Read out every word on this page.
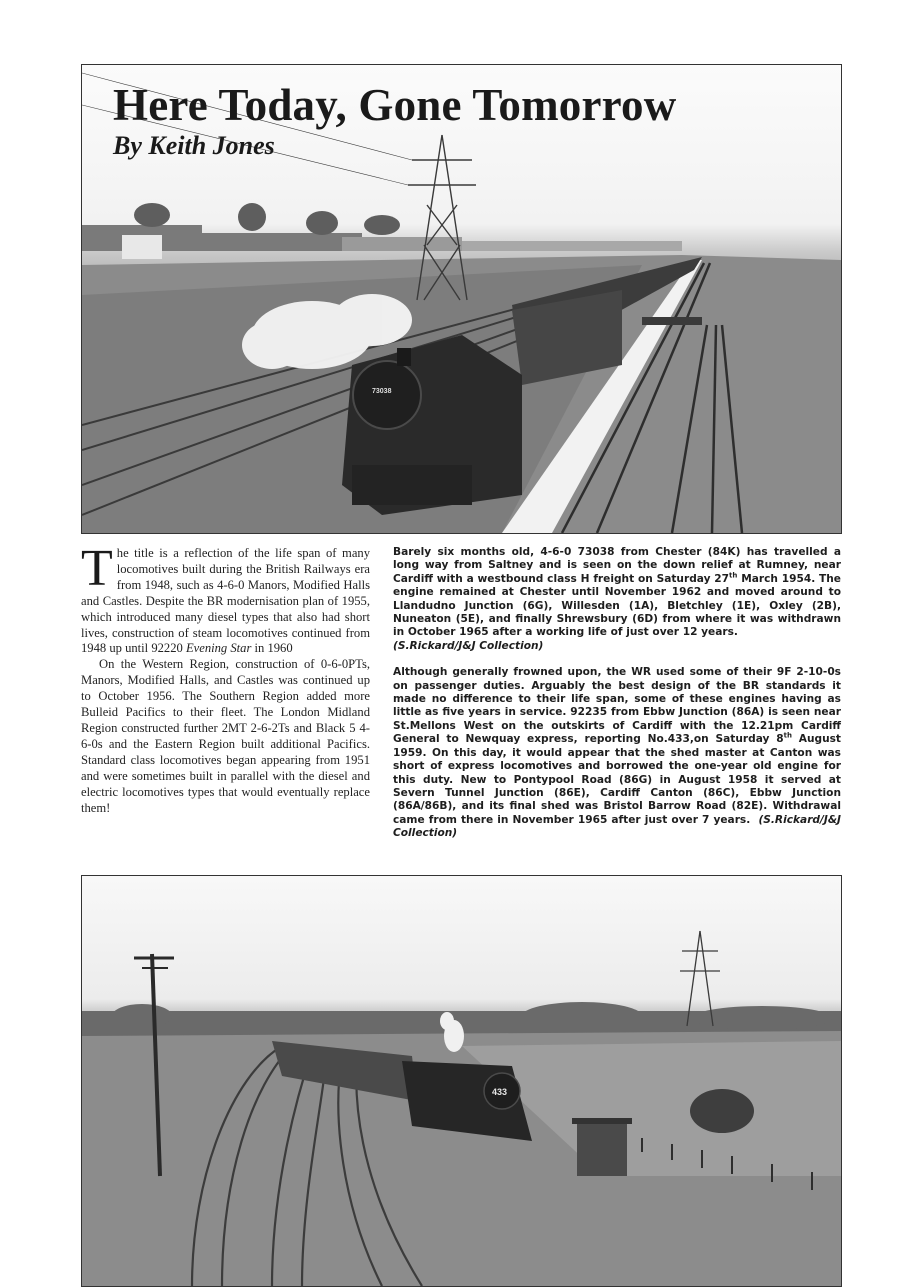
73038
Here Today, Gone Tomorrow
By Keith Jones

The title is a reflection of the life span of many locomotives built during the British Railways era from 1948, such as 4-6-0 Manors, Modified Halls and Castles. Despite the BR modernisation plan of 1955, which introduced many diesel types that also had short lives, construction of steam locomotives continued from 1948 up until 92220 Evening Star in 1960

On the Western Region, construction of 0-6-0PTs, Manors, Modified Halls, and Castles was continued up to October 1956. The Southern Region added more Bulleid Pacifics to their fleet. The London Midland Region constructed further 2MT 2-6-2Ts and Black 5 4-6-0s and the Eastern Region built additional Pacifics. Standard class locomotives began appearing from 1951 and were sometimes built in parallel with the diesel and electric locomotives types that would eventually replace them!

Barely six months old, 4-6-0 73038 from Chester (84K) has travelled a long way from Saltney and is seen on the down relief at Rumney, near Cardiff with a westbound class H freight on Saturday 27th March 1954. The engine remained at Chester until November 1962 and moved around to Llandudno Junction (6G), Willesden (1A), Bletchley (1E), Oxley (2B), Nuneaton (5E), and finally Shrewsbury (6D) from where it was withdrawn in October 1965 after a working life of just over 12 years.

(S.Rickard/J&J Collection)

Although generally frowned upon, the WR used some of their 9F 2-10-0s on passenger duties. Arguably the best design of the BR standards it made no difference to their life span, some of these engines having as little as five years in service. 92235 from Ebbw Junction (86A) is seen near St.Mellons West on the outskirts of Cardiff with the 12.21pm Cardiff General to Newquay express, reporting No.433,on Saturday 8th August 1959. On this day, it would appear that the shed master at Canton was short of express locomotives and borrowed the one-year old engine for this duty. New to Pontypool Road (86G) in August 1958 it served at Severn Tunnel Junction (86E), Cardiff Canton (86C), Ebbw Junction (86A/86B), and its final shed was Bristol Barrow Road (82E). Withdrawal came from there in November 1965 after just over 7 years. (S.Rickard/J&J Collection)

433
